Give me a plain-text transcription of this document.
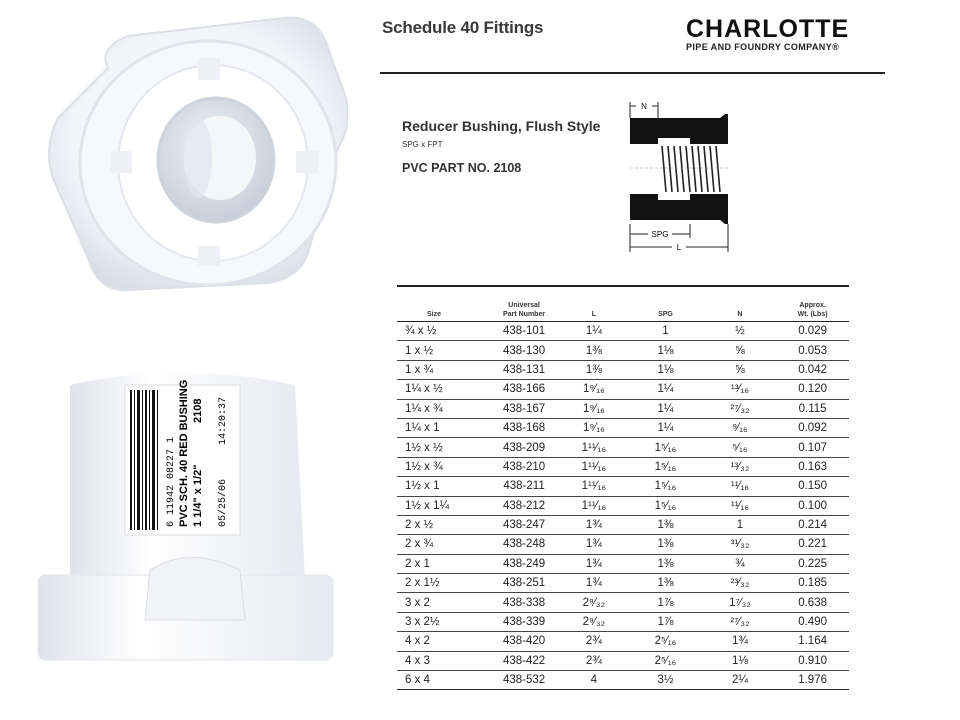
6 11942 08227 1 PVC SCH. 40 RED BUSHING 1 1/4" x 1/2"
2108
05/25/06
14:20:37
Schedule 40 Fittings	CHARLOTTE
PIPE AND FOUNDRY COMPANY®
Reducer Bushing, Flush Style
SPG x FPT
PVC PART NO. 2108
N
SPG
L
Size	Universal
Part Number	L	SPG	N	Approx.
Wt. (Lbs)
¾ x ½	438-101	1¼	1	½	0.029
1 x ½	438-130	1⅜	1⅛	⅝	0.053
1 x ¾	438-131	1⅜	1⅛	⅝	0.042
1¼ x ½	438-166	1⁹⁄₁₆	1¼	¹³⁄₁₆	0.120
1¼ x ¾	438-167	1⁹⁄₁₆	1¼	²⁷⁄₃₂	0.115
1¼ x 1	438-168	1⁹⁄₁₆	1¼	⁹⁄₁₆	0.092
1½ x ½	438-209	1¹¹⁄₁₆	1⁵⁄₁₆	⁵⁄₁₆	0.107
1½ x ¾	438-210	1¹¹⁄₁₆	1⁵⁄₁₆	¹³⁄₃₂	0.163
1½ x 1	438-211	1¹¹⁄₁₆	1⁵⁄₁₆	¹¹⁄₁₆	0.150
1½ x 1¼	438-212	1¹¹⁄₁₆	1⁵⁄₁₆	¹¹⁄₁₆	0.100
2 x ½	438-247	1¾	1⅜	1	0.214
2 x ¾	438-248	1¾	1⅜	³¹⁄₃₂	0.221
2 x 1	438-249	1¾	1⅜	¾	0.225
2 x 1½	438-251	1¾	1⅜	²³⁄₃₂	0.185
3 x 2	438-338	2⁹⁄₃₂	1⅞	1⁷⁄₃₂	0.638
3 x 2½	438-339	2⁹⁄₃₂	1⅞	²⁷⁄₃₂	0.490
4 x 2	438-420	2¾	2⁵⁄₁₆	1¾	1.164
4 x 3	438-422	2¾	2⁵⁄₁₆	1⅛	0.910
6 x 4	438-532	4	3½	2¼	1.976
